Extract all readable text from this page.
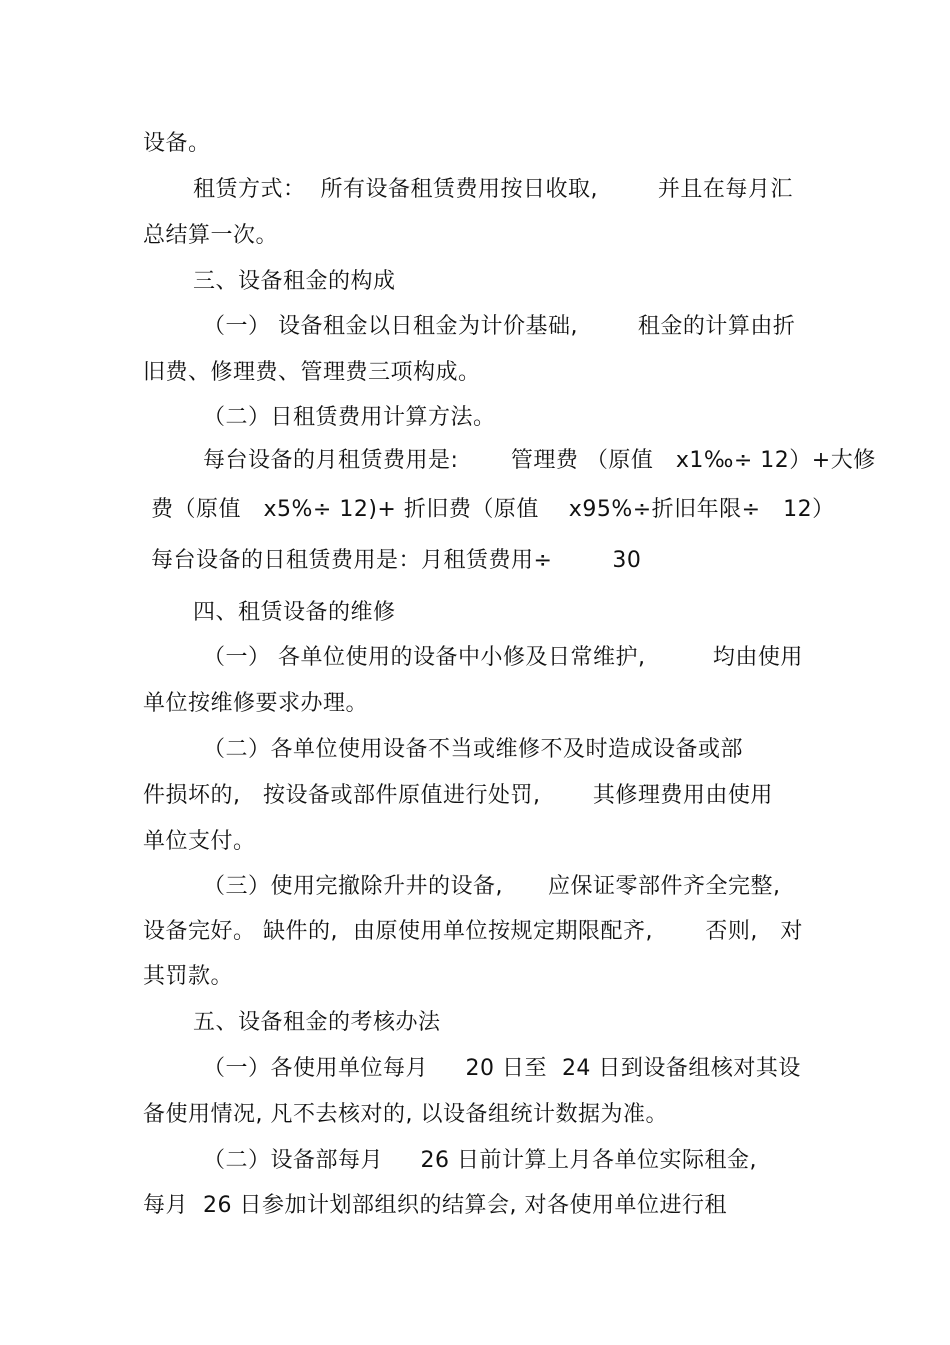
设备。
租赁方式：  所有设备租赁费用按日收取,        并且在每月汇
总结算一次。
三、设备租金的构成
（一） 设备租金以日租金为计价基础,        租金的计算由折
旧费、修理费、管理费三项构成。
（二）日租赁费用计算方法。
每台设备的月租赁费用是:       管理费 （原值   x1‰÷ 12）+大修
费（原值   x5%÷ 12)+ 折旧费（原值    x95%÷折旧年限÷   12）
每台设备的日租赁费用是：月租赁费用÷        30
四、租赁设备的维修
（一） 各单位使用的设备中小修及日常维护,         均由使用
单位按维修要求办理。
（二）各单位使用设备不当或维修不及时造成设备或部
件损坏的,   按设备或部件原值进行处罚,       其修理费用由使用
单位支付。
（三）使用完撤除升井的设备,      应保证零部件齐全完整,
设备完好。 缺件的,  由原使用单位按规定期限配齐,       否则,   对
其罚款。
五、设备租金的考核办法
（一）各使用单位每月     20 日至  24 日到设备组核对其设
备使用情况, 凡不去核对的, 以设备组统计数据为准。
（二）设备部每月     26 日前计算上月各单位实际租金,
每月  26 日参加计划部组织的结算会, 对各使用单位进行租
